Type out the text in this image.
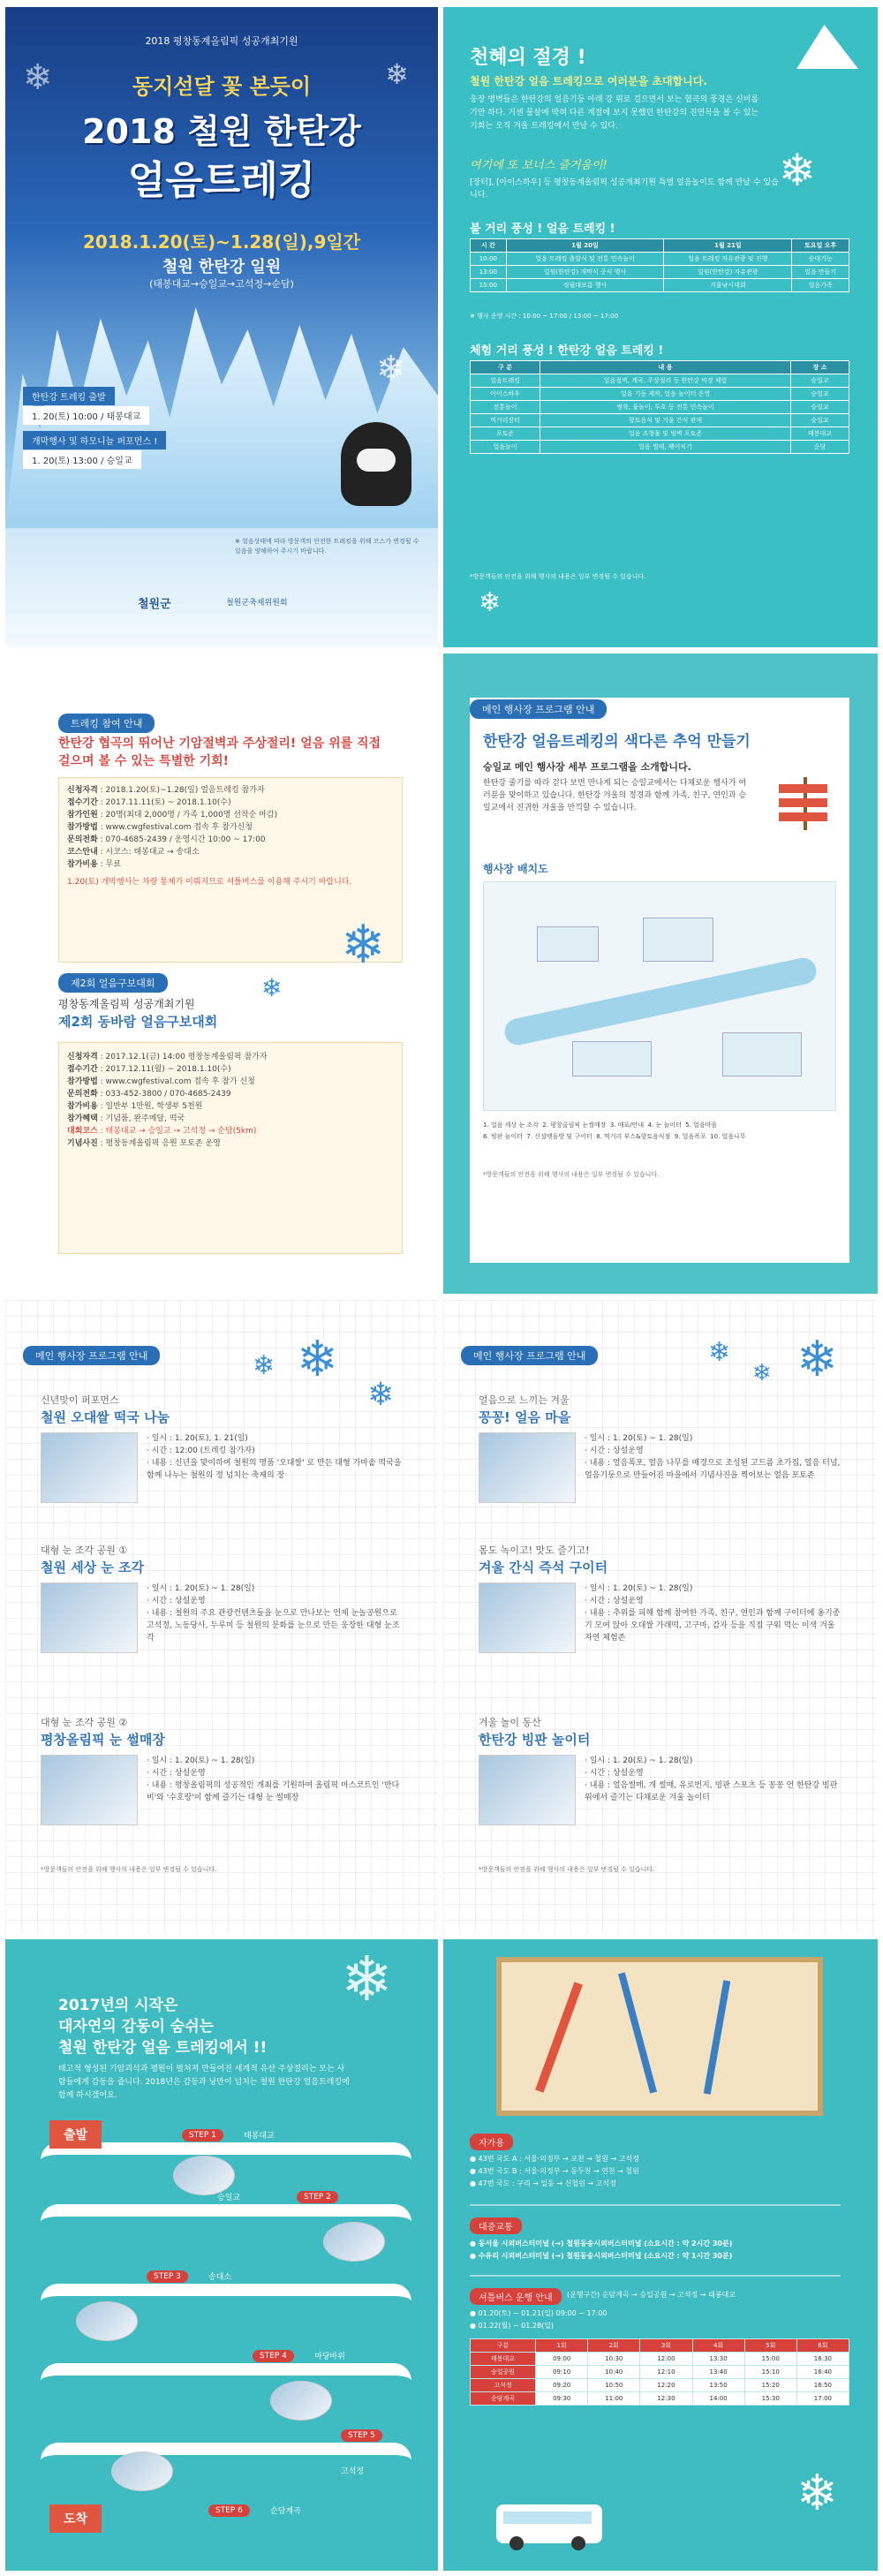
2018 평창동계올림픽 성공개최기원
동지섣달 꽃 본듯이
2018 철원 한탄강
얼음트레킹
2018.1.20(토)~1.28(일),9일간
철원 한탄강 일원
(태봉대교→승일교→고석정→순담)
한탄강 트레킹 출발
1. 20(토) 10:00 / 태봉대교
개막행사 및 하모니늘 퍼포먼스 !
1. 20(토) 13:00 / 승일교
※ 얼음상태에 따라 방문객의 안전한 트레킹을 위해 코스가 변경될 수 있음을 양해하여 주시기 바랍니다.
철원군	철원군축제위원회
❄	❄
❄
천혜의 절경 !
철원 한탄강 얼음 트레킹으로 여러분을 초대합니다.
웅장 병벽들은 한탄강의 얼음기둥 아래 강 위로 걸으면서 보는 협곡의 풍경은 신비롭기만 하다. 거센 물살에 막혀 다른 계절에 보지 못했던 한탄강의 진면목을 볼 수 있는 기회는 오직 겨울 트레킹에서 만날 수 있다.
여기에 또 보너스 즐거움이!
[장터], [아이스하우] 등 평창동계올림픽 성공개최기원 특별 얼음놀이도 함께 만날 수 있습니다.	❄
불 거리 풍성 ! 얼음 트레킹 !
시 간	1월 20일	1월 21일	토요일 오후
10:00	얼음 트레킹 출발식 및 전통 민속놀이	얼음 트레킹 자유관광 및 진행	승대기능
13:00	일원(한탄강) 개막식 공식 행사	일원(한탄강) 자유관광	얼음 만들기
15:00	정월대보름 행사	겨울낚시대회	얼음가족
※ 행사 운영 시간 : 10:00 ~ 17:00 / 13:00 ~ 17:00
체험 거리 풍성 ! 한탄강 얼음 트레킹 !
구 분	내 용	장 소
얼음트레킹	얼음절벽, 계곡, 주상절리 등 한탄강 비경 체험	승일교
아이스하우	얼음 기둥 제작, 얼음 놀이터 운영	승일교
전통놀이	쌍륙, 윷놀이, 투호 등 전통 민속놀이	승일교
먹거리장터	향토음식 및 겨울 간식 판매	승일교
포토존	얼음 조형물 및 빙벽 포토존	태봉대교
얼음놀이	얼음 썰매, 팽이치기	순담
*방문객들의 안전을 위해 행사의 내용은 일부 변경될 수 있습니다.
❄
트레킹 참여 안내
한탄강 협곡의 뛰어난 기암절벽과 주상절리! 얼음 위를 직접 걸으며 볼 수 있는 특별한 기회!
신청자격 : 2018.1.20(토)~1.28(일) 얼음트레킹 참가자
접수기간 : 2017.11.11(토) ~ 2018.1.10(수)
참가인원 : 20명(최대 2,000명 / 가족 1,000명 선착순 마감)
참가방법 : www.cwgfestival.com 접속 후 참가신청
문의전화 : 070-4685-2439 / 운영시간 10:00 ~ 17:00
코스안내 : 시코스: 태봉대교 → 송대소
참가비용 : 무료
1.20(토) 개막행사는 차량 통제가 이뤄지므로 셔틀버스를 이용해 주시기 바랍니다.
❄
❄
제2회 얼음구보대회
평창동계올림픽 성공개최기원
제2회 동바람 얼음구보대회
신청자격 : 2017.12.1(금) 14:00 평창동계올림픽 참가자
접수기간 : 2017.12.11(월) ~ 2018.1.10(수)
참가방법 : www.cwgfestival.com 접속 후 참가 신청
문의전화 : 033-452-3800 / 070-4685-2439
참가비용 : 일반부 1만원, 학생부 5천원
참가혜택 : 기념품, 완주메달, 떡국
대회코스 : 태봉대교 → 승일교 → 고석정 → 순담(5km)
기념사진 : 평창동계올림픽 응원 포토존 운영
메인 행사장 프로그램 안내
한탄강 얼음트레킹의 색다른 추억 만들기
승일교 메인 행사장 세부 프로그램을 소개합니다.
한탄강 줄기를 따라 걷다 보면 만나게 되는 승일교에서는 다채로운 행사가 여러분을 맞이하고 있습니다. 한탄강 겨울의 정경과 함께 가족, 친구, 연인과 승일교에서 진귀한 겨울을 만끽할 수 있습니다.
행사장 배치도
1. 얼음 세상 눈 조각 2. 평창올림픽 눈썰매장 3. 매표/안내 4. 눈 놀이터 5. 얼음마을
6. 빙판 놀이터 7. 신설맷돌방 및 구이터 8. 먹거리 부스&향토음식점 9. 얼음폭포 10. 얼음나무
*방문객들의 안전을 위해 행사의 내용은 일부 변경될 수 있습니다.
메인 행사장 프로그램 안내	❄ ❄
❄
신년맞이 퍼포먼스
철원 오대쌀 떡국 나눔
· 일시 : 1. 20(토), 1. 21(일)
· 시간 : 12:00 (트레킹 참가자)
· 내용 : 신년을 맞이하여 철원의 명품 '오대쌀' 로 만든 대형 가마솥 떡국을 함께 나누는 철원의 정 넘치는 축제의 장
대형 눈 조각 공원 ①
철원 세상 눈 조각
· 일시 : 1. 20(토) ~ 1. 28(일)
· 시간 : 상설운영
· 내용 : 철원의 주요 관광컨텐츠들을 눈으로 만나보는 언제 눈놀공원으로 고석정, 노동당사, 두루미 등 철원의 문화를 눈으로 만든 웅장한 대형 눈조각
대형 눈 조각 공원 ②
평창올림픽 눈 썰매장
· 일시 : 1. 20(토) ~ 1. 28(일)
· 시간 : 상설운영
· 내용 : 평창올림픽의 성공적인 개최를 기원하여 올림픽 마스코트인 '반다비'와 '수호랑'이 함께 즐기는 대형 눈 썰매장
*방문객들의 안전을 위해 행사의 내용은 일부 변경될 수 있습니다.
메인 행사장 프로그램 안내	❄
❄ ❄
얼음으로 느끼는 겨울
꽁꽁! 얼음 마을
· 일시 : 1. 20(토) ~ 1. 28(일)
· 시간 : 상설운영
· 내용 : 얼음폭포, 얼음 나무를 배경으로 조성된 고드름 초가집, 얼음 터널, 얼음기둥으로 만들어진 마을에서 기념사진을 찍어보는 얼음 포토존
몸도 녹이고! 맛도 즐기고!
겨울 간식 즉석 구이터
· 일시 : 1. 20(토) ~ 1. 28(일)
· 시간 : 상설운영
· 내용 : 추위를 피해 함께 참여한 가족, 친구, 연인과 함께 구이터에 옹기종기 모여 앉아 오대쌀 가래떡, 고구마, 감자 등을 직접 구워 먹는 이색 겨울 자연 체험존
겨울 놀이 동산
한탄강 빙판 놀이터
· 일시 : 1. 20(토) ~ 1. 28(일)
· 시간 : 상설운영
· 내용 : 얼음썰매, 개 썰매, 유로번지, 빙판 스포츠 등 꽁꽁 언 한탄강 빙판 위에서 즐기는 다채로운 겨울 놀이터
*방문객들의 안전을 위해 행사의 내용은 일부 변경될 수 있습니다.
❄
2017년의 시작은
대자연의 감동이 숨쉬는
철원 한탄강 얼음 트레킹에서 !!
태고적 형성된 기암괴석과 평원이 펼쳐져 만들어진 세계적 유산 주상절리는 보는 사람들에게 감동을 줍니다. 2018년은 감동과 낭만이 넘치는 철원 한탄강 얼음트레킹에 함께 하시겠어요.
출발
도착
STEP 1	태봉대교
STEP 2
승일교
STEP 3	송대소
STEP 4	마당바위
STEP 5
고석정
STEP 6	순담계곡
자가용
● 43번 국도 A : 서울·의정부 → 포천 → 철원 → 고석정
● 43번 국도 B : 서울·의정부 → 동두천 → 연천 → 철원
● 47번 국도 : 구리 → 일동 → 신철원 → 고석정
대중교통
● 동서울 시외버스터미널 (→) 철원동송시외버스터미널 (소요시간 : 약 2시간 30분)
● 수유리 시외버스터미널 (→) 철원동송시외버스터미널 (소요시간 : 약 1시간 30분)
셔틀버스 운행 안내	(운행구간) 순담계곡 → 승일공원 → 고석정 → 태봉대교
● 01.20(토) ~ 01.21(일) 09:00 ~ 17:00
● 01.22(월) ~ 01.28(일)
구분	1회	2회	3회	4회	5회	6회
태봉대교	09:00	10:30	12:00	13:30	15:00	16:30
승일공원	09:10	10:40	12:10	13:40	15:10	16:40
고석정	09:20	10:50	12:20	13:50	15:20	16:50
순담계곡	09:30	11:00	12:30	14:00	15:30	17:00
❄
